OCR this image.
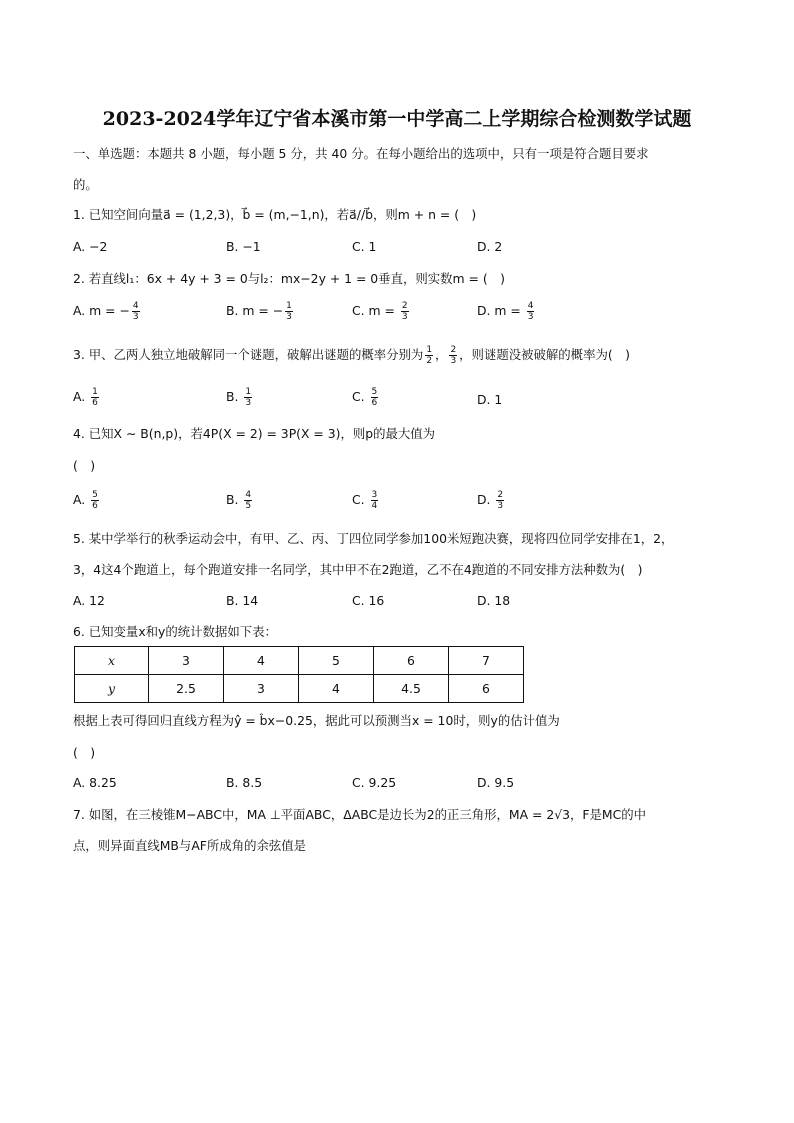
2023-2024学年辽宁省本溪市第一中学高二上学期综合检测数学试题
一、单选题：本题共 8 小题，每小题 5 分，共 40 分。在每小题给出的选项中，只有一项是符合题目要求
的。
1. 已知空间向量a⃗ = (1,2,3)，b⃗ = (m,−1,n)，若a⃗//b⃗，则m + n = (　)
A. −2	B. −1	C. 1	D. 2
2. 若直线l₁：6x + 4y + 3 = 0与l₂：mx−2y + 1 = 0垂直，则实数m = (　)
A. m = − $\frac{4}{3}$	B. m = − $\frac{1}{3}$	C. $m = \frac{2}{3}$	D. $m = \frac{4}{3}$
3. 甲、乙两人独立地破解同一个谜题，破解出谜题的概率分别为 $\frac{1}{2}$ ， $\frac{2}{3}$ ，则谜题没被破解的概率为(　)
A. $\frac{1}{6}$	B. $\frac{1}{3}$	C. $\frac{5}{6}$	D. 1
4. 已知X ∼ B(n,p)，若4P(X = 2) = 3P(X = 3)，则p的最大值为
(　)
A. $\frac{5}{6}$	B. $\frac{4}{5}$	C. $\frac{3}{4}$	D. $\frac{2}{3}$
5. 某中学举行的秋季运动会中，有甲、乙、丙、丁四位同学参加100米短跑决赛，现将四位同学安排在1，2，
3，4这4个跑道上，每个跑道安排一名同学，其中甲不在2跑道，乙不在4跑道的不同安排方法种数为(　)
A. 12	B. 14	C. 16	D. 18
6. 已知变量x和y的统计数据如下表：
x	3	4	5	6	7
y	2.5	3	4	4.5	6
根据上表可得回归直线方程为ŷ = b̂x−0.25，据此可以预测当x = 10时，则y的估计值为
(　)
A. 8.25	B. 8.5	C. 9.25	D. 9.5
7. 如图，在三棱锥M−ABC中，MA ⊥平面ABC，ΔABC是边长为2的正三角形，MA = 2√3，F是MC的中
点，则异面直线MB与AF所成角的余弦值是
